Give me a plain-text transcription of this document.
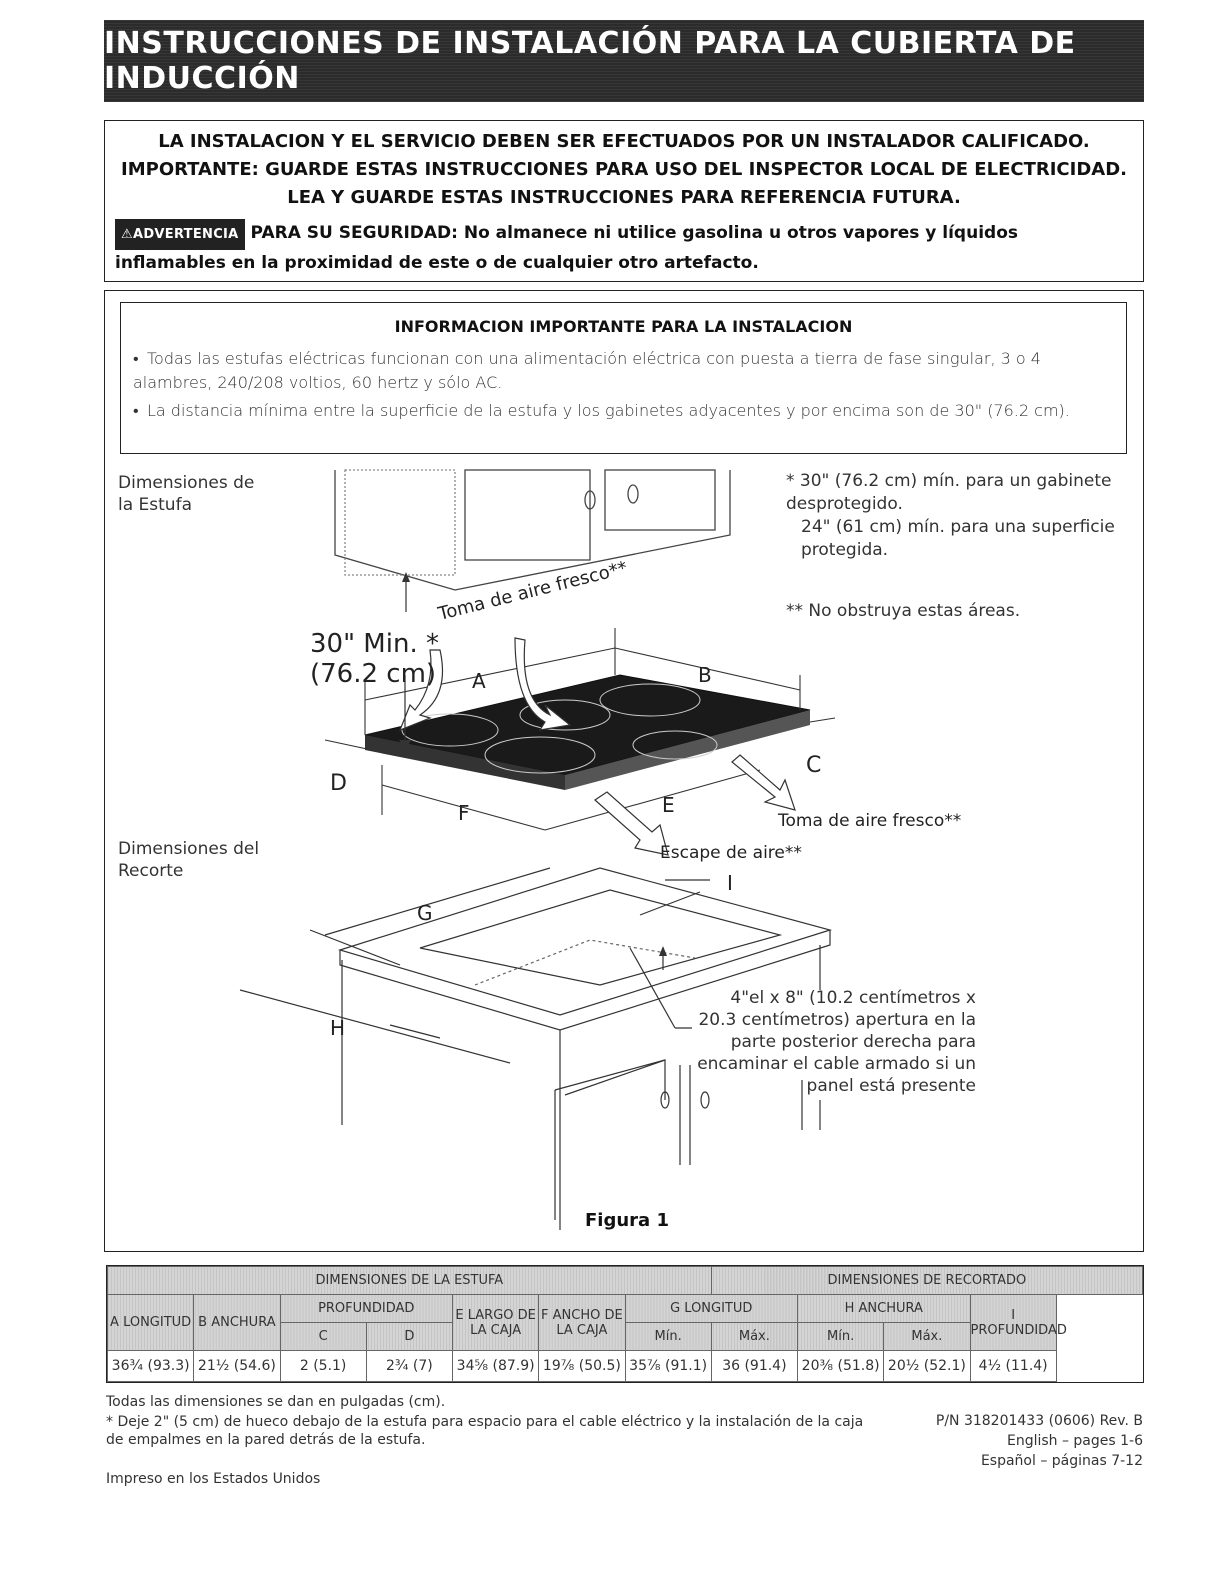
INSTRUCCIONES DE INSTALACIÓN PARA LA CUBIERTA DE INDUCCIÓN
LA INSTALACION Y EL SERVICIO DEBEN SER EFECTUADOS POR UN INSTALADOR CALIFICADO.
IMPORTANTE: GUARDE ESTAS INSTRUCCIONES PARA USO DEL INSPECTOR LOCAL DE ELECTRICIDAD.
LEA Y GUARDE ESTAS INSTRUCCIONES PARA REFERENCIA FUTURA.
⚠ADVERTENCIA PARA SU SEGURIDAD: No almanece ni utilice gasolina u otros vapores y líquidos inflamables en la proximidad de este o de cualquier otro artefacto.
INFORMACION IMPORTANTE PARA LA INSTALACION
• Todas las estufas eléctricas funcionan con una alimentación eléctrica con puesta a tierra de fase singular, 3 o 4 alambres, 240/208 voltios, 60 hertz y sólo AC.
• La distancia mínima entre la superficie de la estufa y los gabinetes adyacentes y por encima son de 30" (76.2 cm).
Dimensiones de la Estufa
Dimensiones del Recorte
* 30" (76.2 cm) mín. para un gabinete desprotegido.
24" (61 cm) mín. para una superficie protegida.
** No obstruya estas áreas.
30" Min. *
(76.2 cm)
Toma de aire fresco**
Toma de aire fresco**
Escape de aire**
A	B
C
D
E
F
G
H
I
4"el x 8" (10.2 centímetros x 20.3 centímetros) apertura en la parte posterior derecha para encaminar el cable armado si un panel está presente
Figura 1
DIMENSIONES DE LA ESTUFA							DIMENSIONES DE RECORTADO			
A LONGITUD	B ANCHURA	PROFUNDIDAD		E LARGO DE LA CAJA	F ANCHO DE LA CAJA	G LONGITUD		H ANCHURA		I PROFUNDIDAD
		C	D			Mín.	Máx.	Mín.	Máx.	
36¾ (93.3)	21½ (54.6)	2 (5.1)	2¾ (7)	34⁵⁄₈ (87.9)	19⁷⁄₈ (50.5)	35⁷⁄₈ (91.1)	36 (91.4)	20³⁄₈ (51.8)	20½ (52.1)	4½ (11.4)
Todas las dimensiones se dan en pulgadas (cm).
* Deje 2" (5 cm) de hueco debajo de la estufa para espacio para el cable eléctrico y la instalación de la caja de empalmes en la pared detrás de la estufa.
Impreso en los Estados Unidos
P/N 318201433 (0606) Rev. B
English – pages 1-6
Español – páginas 7-12
